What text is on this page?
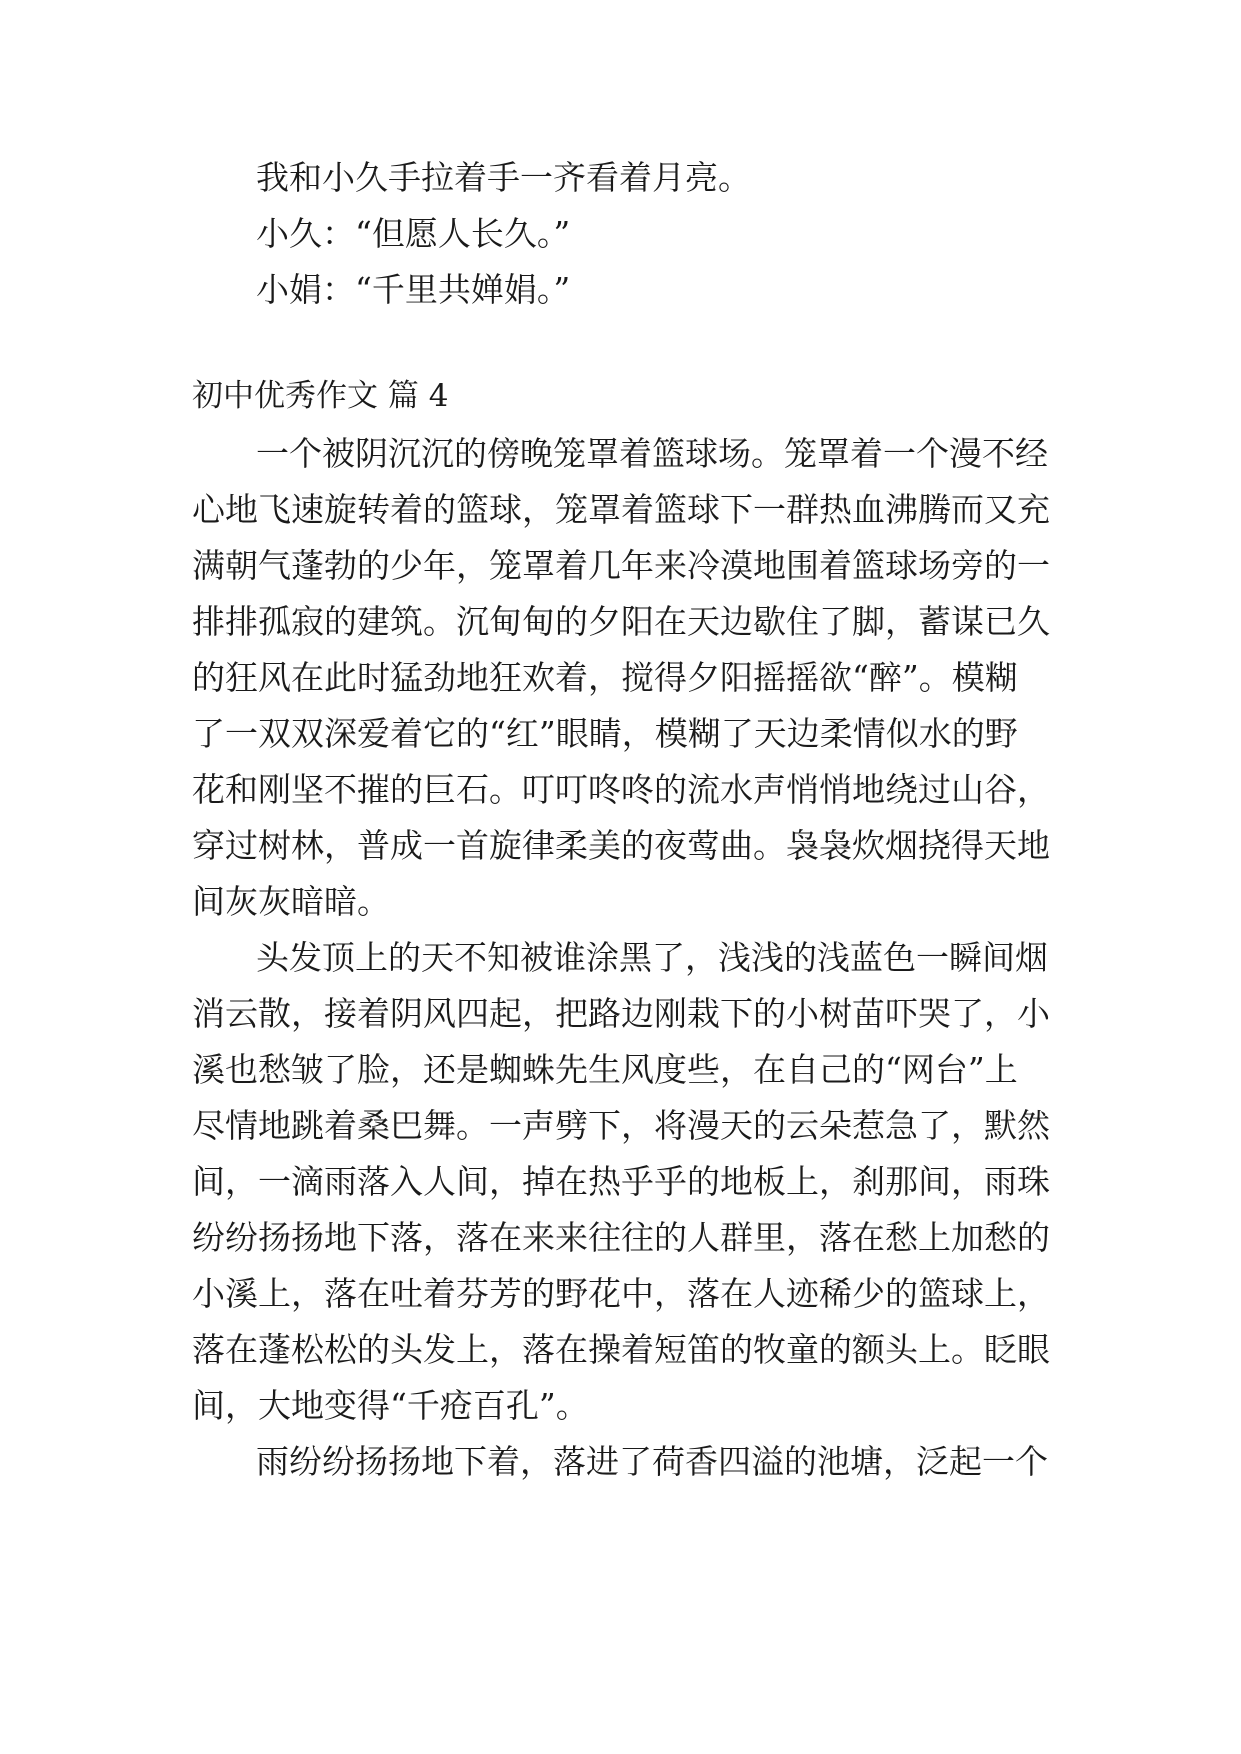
我和小久手拉着手一齐看着月亮。
小久：“但愿人长久。”
小娟：“千里共婵娟。”
初中优秀作文 篇 4
一个被阴沉沉的傍晚笼罩着篮球场。笼罩着一个漫不经
心地飞速旋转着的篮球，笼罩着篮球下一群热血沸腾而又充
满朝气蓬勃的少年，笼罩着几年来冷漠地围着篮球场旁的一
排排孤寂的建筑。沉甸甸的夕阳在天边歇住了脚，蓄谋已久
的狂风在此时猛劲地狂欢着，搅得夕阳摇摇欲“醉”。模糊
了一双双深爱着它的“红”眼睛，模糊了天边柔情似水的野
花和刚坚不摧的巨石。叮叮咚咚的流水声悄悄地绕过山谷，
穿过树林，普成一首旋律柔美的夜莺曲。袅袅炊烟挠得天地
间灰灰暗暗。
头发顶上的天不知被谁涂黑了，浅浅的浅蓝色一瞬间烟
消云散，接着阴风四起，把路边刚栽下的小树苗吓哭了，小
溪也愁皱了脸，还是蜘蛛先生风度些，在自己的“网台”上
尽情地跳着桑巴舞。一声劈下，将漫天的云朵惹急了，默然
间，一滴雨落入人间，掉在热乎乎的地板上，刹那间，雨珠
纷纷扬扬地下落，落在来来往往的人群里，落在愁上加愁的
小溪上，落在吐着芬芳的野花中，落在人迹稀少的篮球上，
落在蓬松松的头发上，落在操着短笛的牧童的额头上。眨眼
间，大地变得“千疮百孔”。
雨纷纷扬扬地下着，落进了荷香四溢的池塘，泛起一个
